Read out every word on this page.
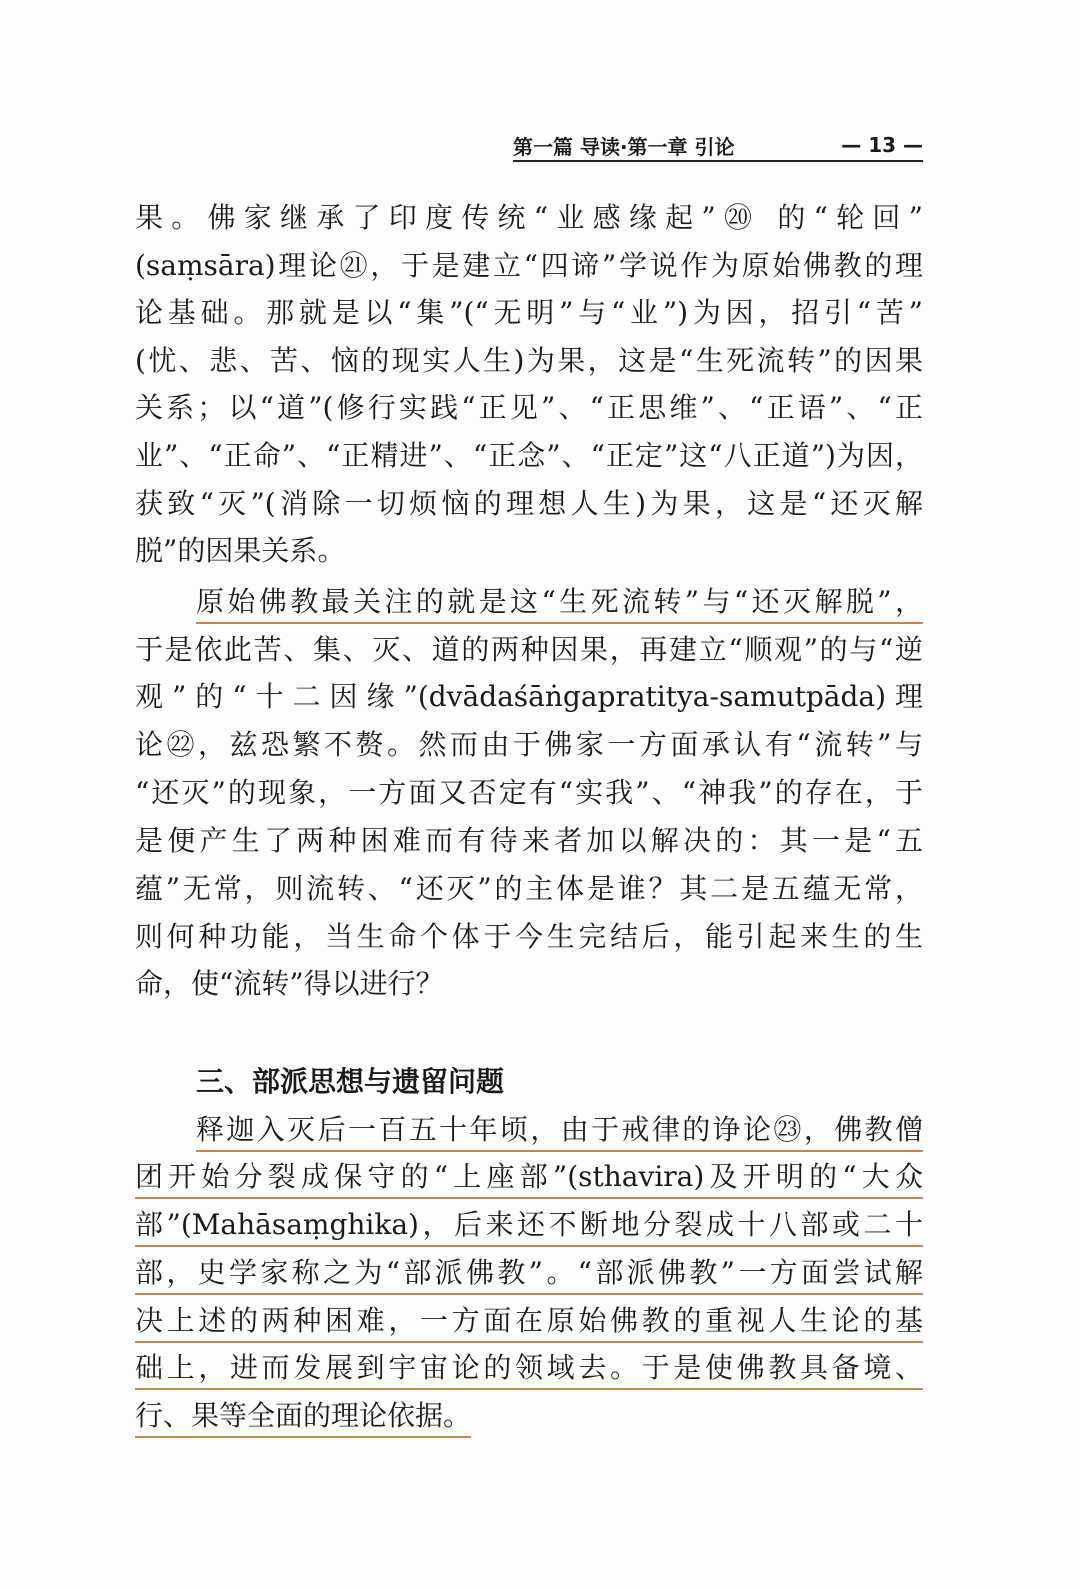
第一篇 导读·第一章 引论	— 13 —
三、部派思想与遗留问题
果。佛家继承了印度传统“业感缘起”⑳ 的“轮回”
(saṃsāra)理论㉑，于是建立“四谛”学说作为原始佛教的理
论基础。那就是以“集”(“无明”与“业”)为因，招引“苦”
(忧、悲、苦、恼的现实人生)为果，这是“生死流转”的因果
关系；以“道”(修行实践“正见”、“正思维”、“正语”、“正
业”、“正命”、“正精进”、“正念”、“正定”这“八正道”)为因，
获致“灭”(消除一切烦恼的理想人生)为果，这是“还灭解
脱”的因果关系。
原始佛教最关注的就是这“生死流转”与“还灭解脱”，
于是依此苦、集、灭、道的两种因果，再建立“顺观”的与“逆
观”的“十二因缘”(dvādaśāṅgapratitya-samutpāda)理
论㉒，兹恐繁不赘。然而由于佛家一方面承认有“流转”与
“还灭”的现象，一方面又否定有“实我”、“神我”的存在，于
是便产生了两种困难而有待来者加以解决的：其一是“五
蕴”无常，则流转、“还灭”的主体是谁？其二是五蕴无常，
则何种功能，当生命个体于今生完结后，能引起来生的生
命，使“流转”得以进行？
释迦入灭后一百五十年顷，由于戒律的诤论㉓，佛教僧
团开始分裂成保守的“上座部”(sthavira)及开明的“大众
部”(Mahāsaṃghika)，后来还不断地分裂成十八部或二十
部，史学家称之为“部派佛教”。“部派佛教”一方面尝试解
决上述的两种困难，一方面在原始佛教的重视人生论的基
础上，进而发展到宇宙论的领域去。于是使佛教具备境、
行、果等全面的理论依据。
